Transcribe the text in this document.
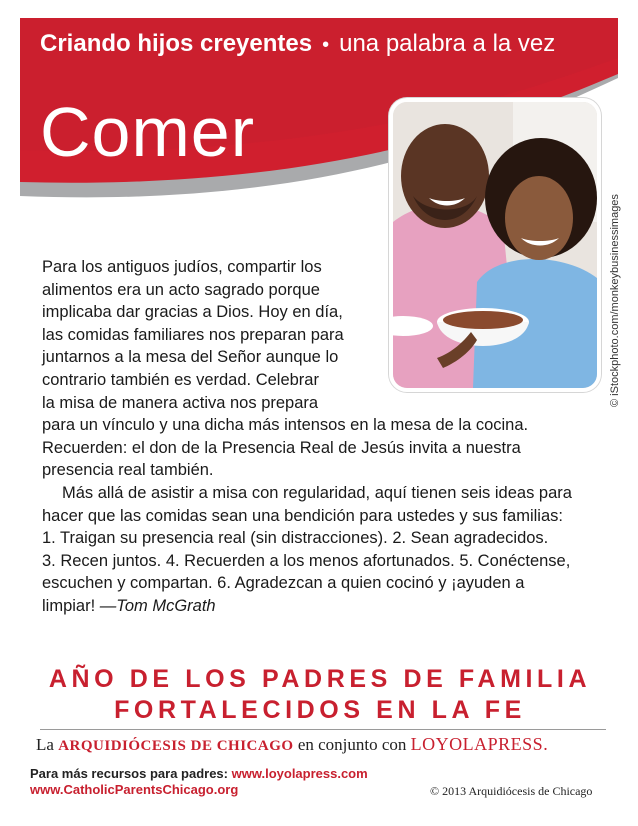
Criando hijos creyentes • una palabra a la vez
Comer
© iStockphoto.com/monkeybusinessimages

Para los antiguos judíos, compartir los
alimentos era un acto sagrado porque
implicaba dar gracias a Dios. Hoy en día,
las comidas familiares nos preparan para
juntarnos a la mesa del Señor aunque lo
contrario también es verdad. Celebrar
la misa de manera activa nos prepara
para un vínculo y una dicha más intensos en la mesa de la cocina.
Recuerden: el don de la Presencia Real de Jesús invita a nuestra
presencia real también.

Más allá de asistir a misa con regularidad, aquí tienen seis ideas para
hacer que las comidas sean una bendición para ustedes y sus familias:
1. Traigan su presencia real (sin distracciones). 2. Sean agradecidos.
3. Recen juntos. 4. Recuerden a los menos afortunados. 5. Conéctense,
escuchen y compartan. 6. Agradezcan a quien cocinó y ¡ayuden a
limpiar! —Tom McGrath

AÑO DE LOS PADRES DE FAMILIA
FORTALECIDOS EN LA FE
La ARQUIDIÓCESIS DE CHICAGO en conjunto con LOYOLAPRESS.
Para más recursos para padres: www.loyolapress.com
www.CatholicParentsChicago.org	© 2013 Arquidiócesis de Chicago
